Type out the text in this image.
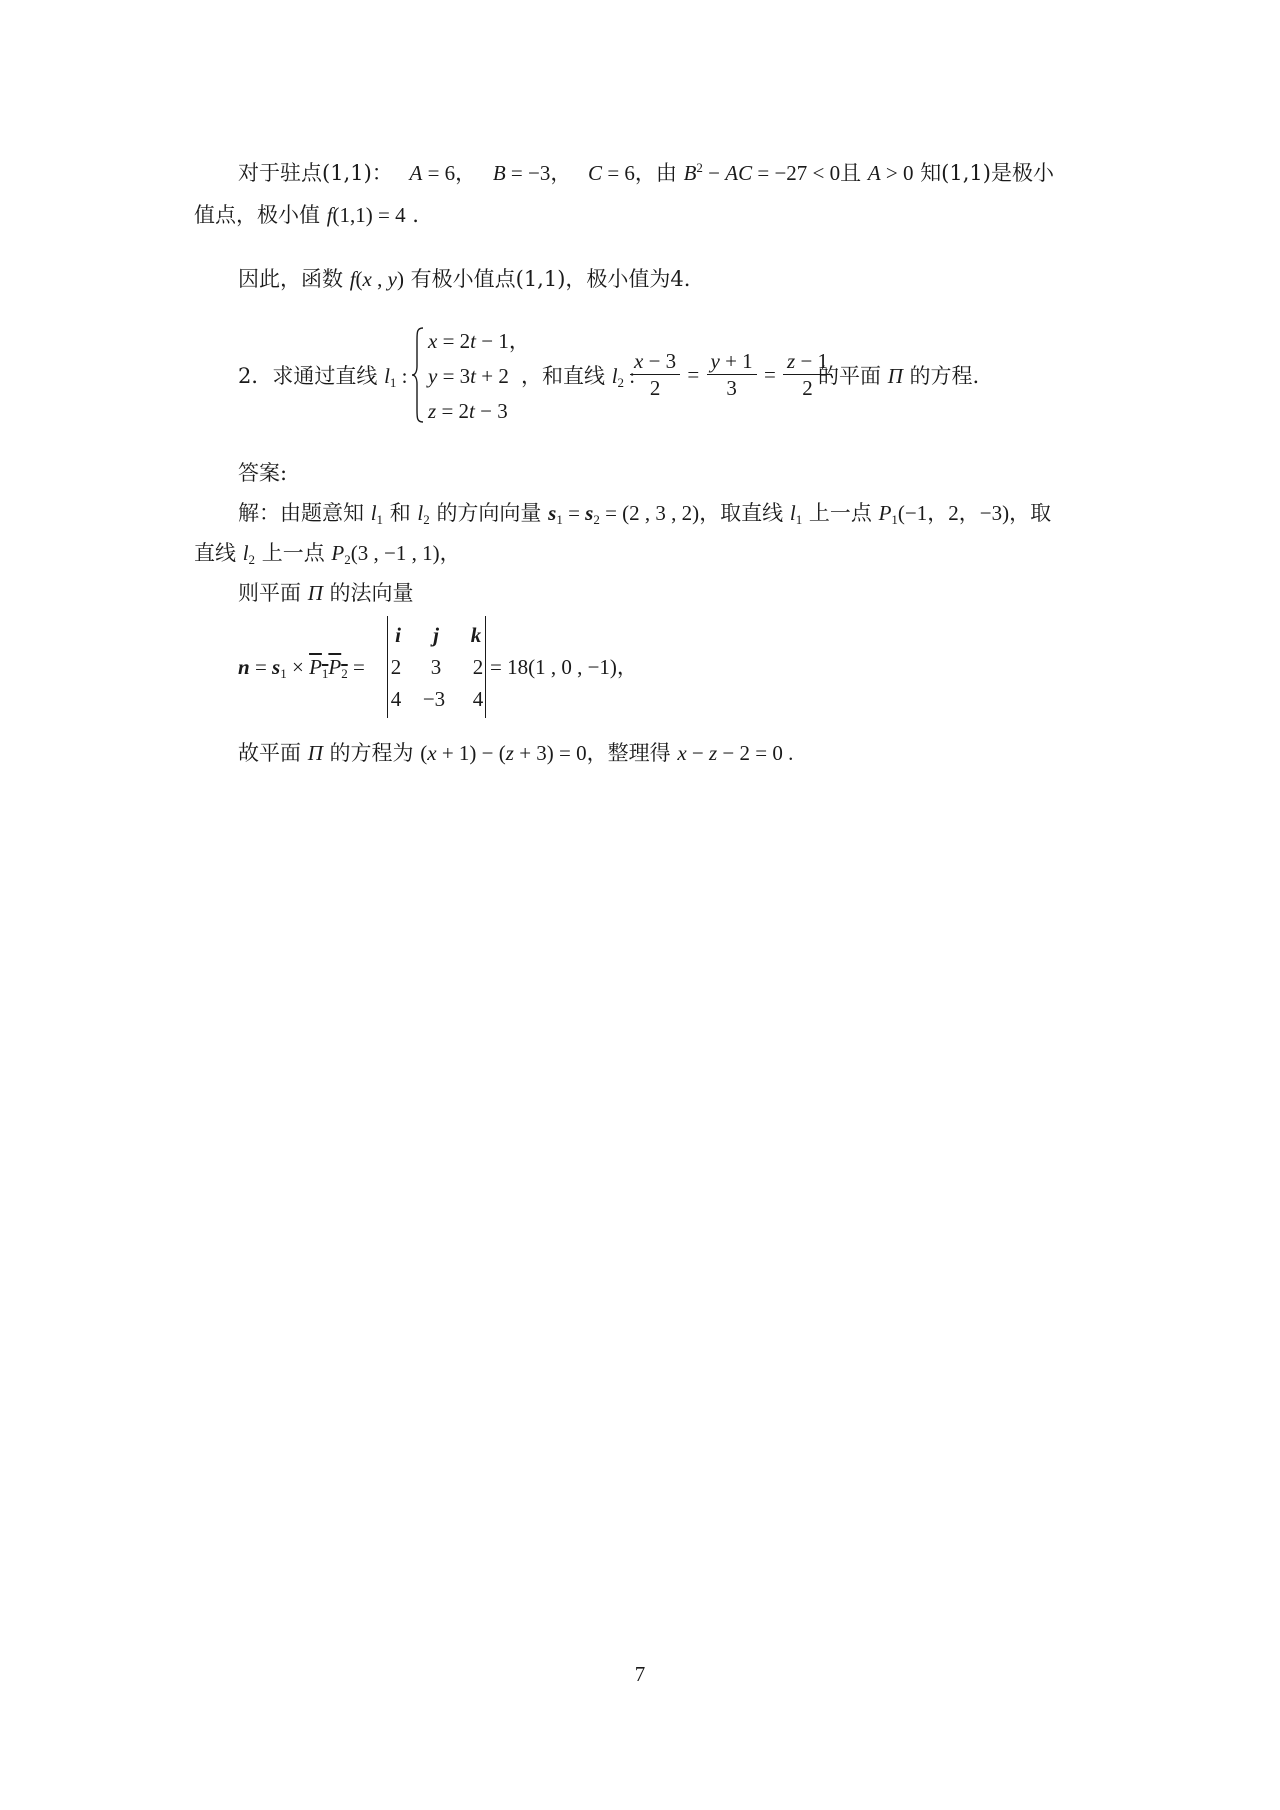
对于驻点(1,1)： A = 6， B = −3， C = 6，由 $B^2$ − AC = −27 < 0且 A > 0 知(1,1)是极小
值点，极小值 f(1,1) = 4 .
因此，函数 f(x , y) 有极小值点(1,1)，极小值为4.
2．求通过直线 $l_1$ :
x = 2t − 1，
y = 3t + 2
z = 2t − 3
，和直线 $l_2$ :
$\frac{x - 3}{2} = \frac{y + 1}{3} = \frac{z - 1}{2}$
的平面 Π 的方程.
答案:
解：由题意知 $l_1$ 和 $l_2$ 的方向向量 $s_1 = s_2 = (2$ , 3 , 2)，取直线 $l_1$ 上一点 $P_1(-1$，2，−3)，取
直线 $l_2$ 上一点 $P_2(3$ , −1 , 1)，
则平面 Π 的法向量
$n = s_1 \times P_1P_2$ =
i	j	k
2	3	2
4	−3	4
= 18(1 , 0 , −1)，
故平面 Π 的方程为 (x + 1) − (z + 3) = 0，整理得 x − z − 2 = 0 .
7
